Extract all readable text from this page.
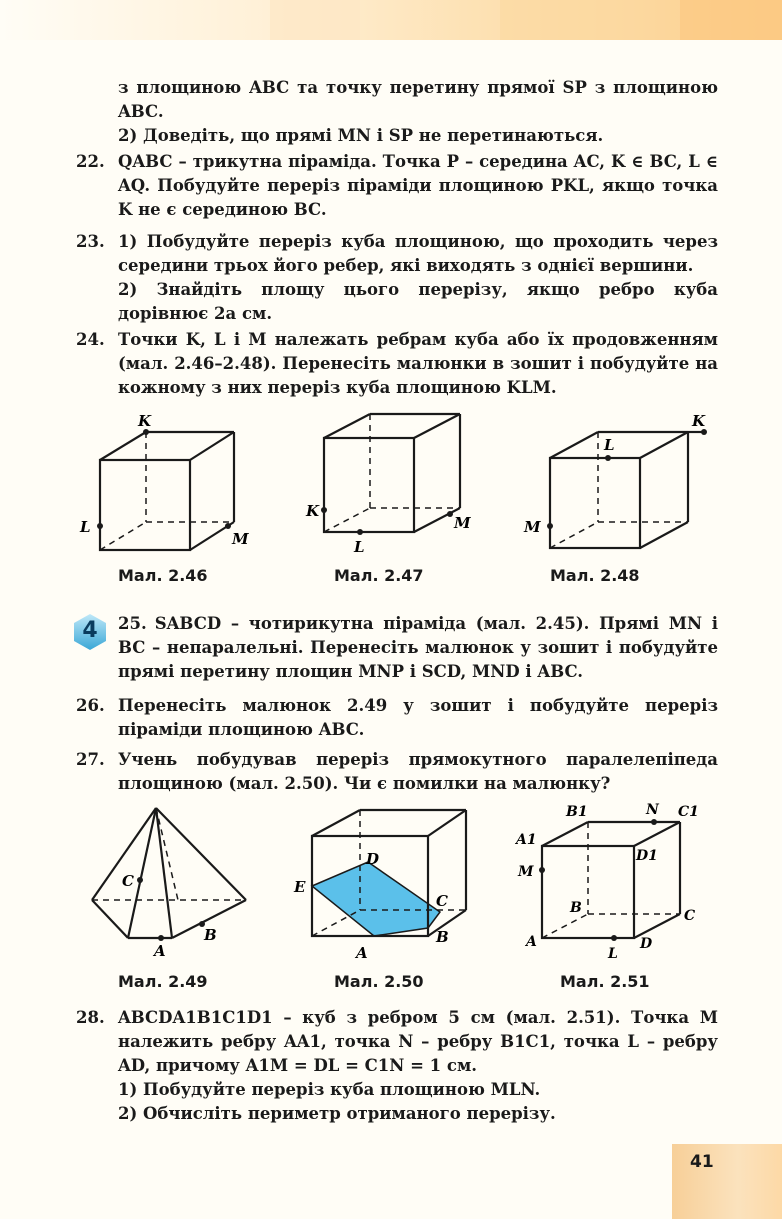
з площиною ABC та точку перетину прямої SP з площиною ABC.
2) Доведіть, що прямі MN і SP не перетинаються.
22. QABC – трикутна піраміда. Точка P – середина AC, K ∈ BC, L ∈ AQ. Побудуйте переріз піраміди площиною PKL, якщо точка K не є серединою BC.
23. 1) Побудуйте переріз куба площиною, що проходить через середини трьох його ребер, які виходять з однієї вершини.
2) Знайдіть площу цього перерізу, якщо ребро куба дорівнює 2a см.
24. Точки K, L і M належать ребрам куба або їх продовженням (мал. 2.46–2.48). Перенесіть малюнки в зошит і побудуйте на кожному з них переріз куба площиною KLM.
K
L
M
Мал. 2.46
K
L
M
Мал. 2.47
K
L
M
Мал. 2.48
4	25. SABCD – чотирикутна піраміда (мал. 2.45). Прямі MN і BC – непаралельні. Перенесіть малюнок у зошит і побудуйте прямі перетину площин MNP і SCD, MND і ABC.
26. Перенесіть малюнок 2.49 у зошит і побудуйте переріз піраміди площиною ABC.
27. Учень побудував переріз прямокутного паралелепіпеда площиною (мал. 2.50). Чи є помилки на малюнку?
C
A
B
Мал. 2.49
D
E
C
A
B
Мал. 2.50
B1	N C1
A1
D1
M
B	C
A
L
D
Мал. 2.51
28. ABCDA1B1C1D1 – куб з ребром 5 см (мал. 2.51). Точка M належить ребру AA1, точка N – ребру B1C1, точка L – ребру AD, причому A1M = DL = C1N = 1 см.
1) Побудуйте переріз куба площиною MLN.
2) Обчисліть периметр отриманого перерізу.
41
